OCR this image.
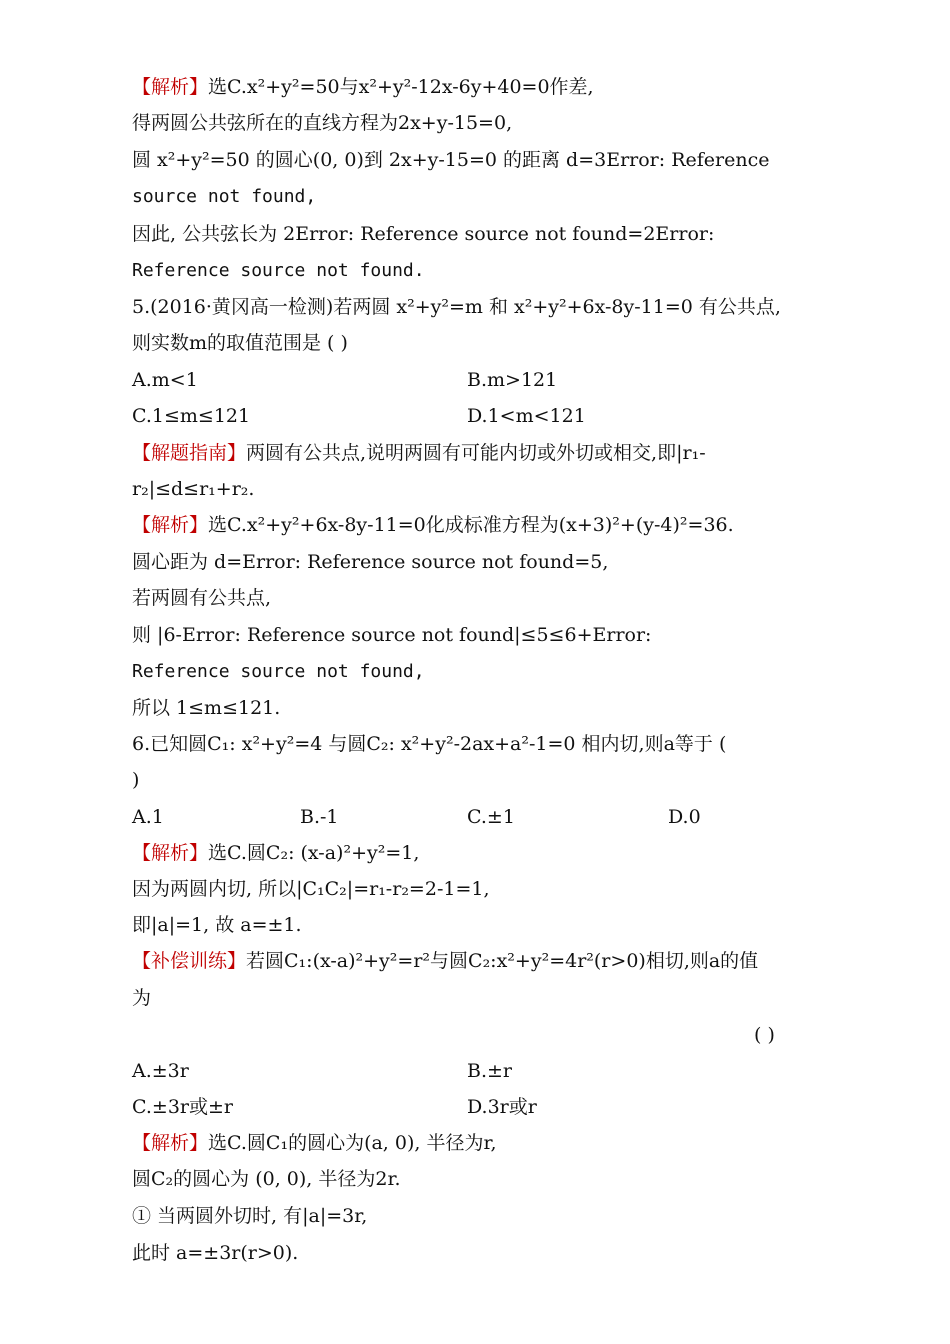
【解析】选C.x²+y²=50与x²+y²-12x-6y+40=0作差,
得两圆公共弦所在的直线方程为2x+y-15=0,
圆 x²+y²=50 的圆心(0, 0)到 2x+y-15=0 的距离 d=3Error: Reference
source not found,
因此, 公共弦长为 2Error: Reference source not found=2Error:
Reference source not found.
5.(2016·黄冈高一检测)若两圆 x²+y²=m 和 x²+y²+6x-8y-11=0 有公共点,
则实数m的取值范围是 ( )
A.m<1	B.m>121
C.1≤m≤121	D.1<m<121
【解题指南】两圆有公共点,说明两圆有可能内切或外切或相交,即|r₁-
r₂|≤d≤r₁+r₂.
【解析】选C.x²+y²+6x-8y-11=0化成标准方程为(x+3)²+(y-4)²=36.
圆心距为 d=Error: Reference source not found=5,
若两圆有公共点,
则 |6-Error: Reference source not found|≤5≤6+Error:
Reference source not found,
所以 1≤m≤121.
6.已知圆C₁: x²+y²=4 与圆C₂: x²+y²-2ax+a²-1=0 相内切,则a等于 (
)
A.1	B.-1	C.±1	D.0
【解析】选C.圆C₂: (x-a)²+y²=1,
因为两圆内切, 所以|C₁C₂|=r₁-r₂=2-1=1,
即|a|=1, 故 a=±1.
【补偿训练】若圆C₁:(x-a)²+y²=r²与圆C₂:x²+y²=4r²(r>0)相切,则a的值
为
( )
A.±3r	B.±r
C.±3r或±r	D.3r或r
【解析】选C.圆C₁的圆心为(a, 0), 半径为r,
圆C₂的圆心为 (0, 0), 半径为2r.
① 当两圆外切时, 有|a|=3r,
此时 a=±3r(r>0).
